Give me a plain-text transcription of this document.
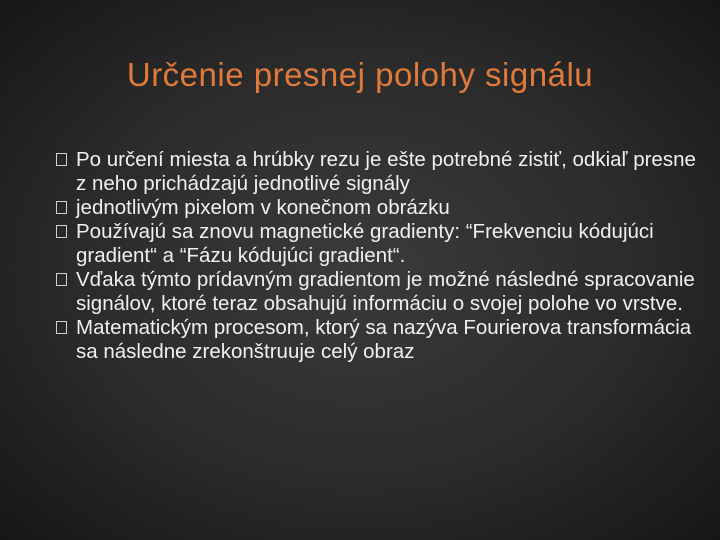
Určenie presnej polohy signálu
Po určení miesta a hrúbky rezu je ešte potrebné zistiť, odkiaľ presne z neho prichádzajú jednotlivé signály
jednotlivým pixelom v konečnom obrázku
Používajú sa znovu magnetické gradienty: “Frekvenciu kódujúci gradient“ a “Fázu kódujúci gradient“.
Vďaka týmto prídavným gradientom je možné následné spracovanie signálov, ktoré teraz obsahujú informáciu o svojej polohe vo vrstve.
Matematickým procesom, ktorý sa nazýva Fourierova transformácia sa následne zrekonštruuje celý obraz
